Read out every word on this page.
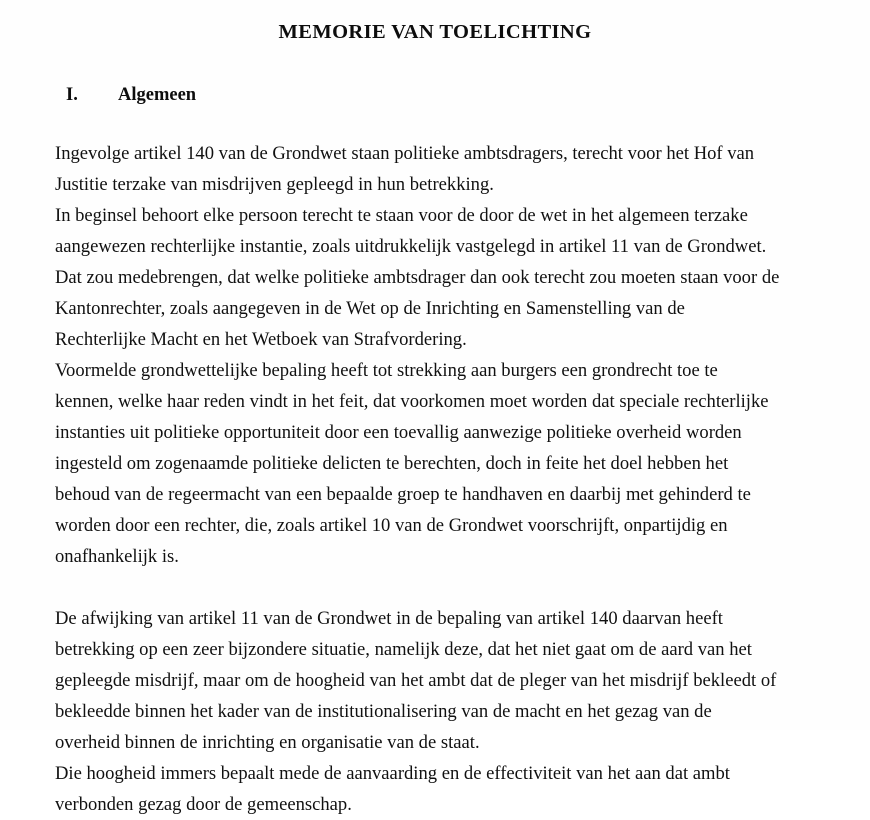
MEMORIE VAN TOELICHTING
I.	Algemeen

Ingevolge artikel 140 van de Grondwet staan politieke ambtsdragers, terecht voor het Hof van
Justitie terzake van misdrijven gepleegd in hun betrekking.
In beginsel behoort elke persoon terecht te staan voor de door de wet in het algemeen terzake
aangewezen rechterlijke instantie, zoals uitdrukkelijk vastgelegd in artikel 11 van de Grondwet.
Dat zou medebrengen, dat welke politieke ambtsdrager dan ook terecht zou moeten staan voor de
Kantonrechter, zoals aangegeven in de Wet op de Inrichting en Samenstelling van de
Rechterlijke Macht en het Wetboek van Strafvordering.
Voormelde grondwettelijke bepaling heeft tot strekking aan burgers een grondrecht toe te
kennen, welke haar reden vindt in het feit, dat voorkomen moet worden dat speciale rechterlijke
instanties uit politieke opportuniteit door een toevallig aanwezige politieke overheid worden
ingesteld om zogenaamde politieke delicten te berechten, doch in feite het doel hebben het
behoud van de regeermacht van een bepaalde groep te handhaven en daarbij met gehinderd te
worden door een rechter, die, zoals artikel 10 van de Grondwet voorschrijft, onpartijdig en
onafhankelijk is.

De afwijking van artikel 11 van de Grondwet in de bepaling van artikel 140 daarvan heeft
betrekking op een zeer bijzondere situatie, namelijk deze, dat het niet gaat om de aard van het
gepleegde misdrijf, maar om de hoogheid van het ambt dat de pleger van het misdrijf bekleedt of
bekleedde binnen het kader van de institutionalisering van de macht en het gezag van de
overheid binnen de inrichting en organisatie van de staat.
Die hoogheid immers bepaalt mede de aanvaarding en de effectiviteit van het aan dat ambt
verbonden gezag door de gemeenschap.
